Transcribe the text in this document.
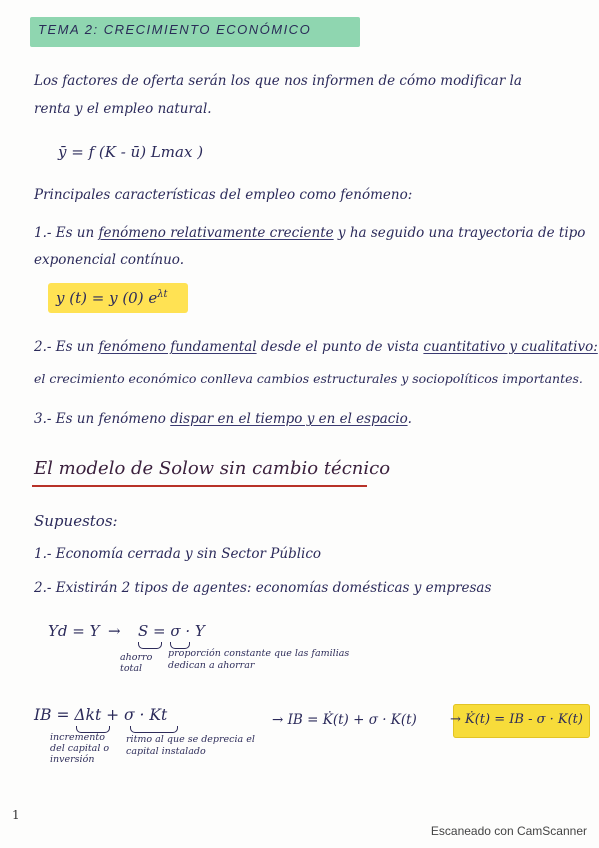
TEMA 2: CRECIMIENTO ECONÓMICO
Los factores de oferta serán los que nos informen de cómo modificar la
renta y el empleo natural.
ȳ = f (K - ū) Lmax )
Principales características del empleo como fenómeno:
1.- Es un fenómeno relativamente creciente y ha seguido una trayectoria de tipo
exponencial contínuo.
y (t) = y (0) $e^{\lambda t}$
2.- Es un fenómeno fundamental desde el punto de vista cuantitativo y cualitativo:
el crecimiento económico conlleva cambios estructurales y sociopolíticos importantes.
3.- Es un fenómeno dispar en el tiempo y en el espacio.
El modelo de Solow sin cambio técnico
Supuestos:
1.- Economía cerrada y sin Sector Público
2.- Existirán 2 tipos de agentes: economías domésticas y empresas
Yd = Y → S = σ · Y
ahorro total
proporción constante que las familias dedican a ahorrar
IB = Δkt + σ · Kt
incremento del capital o inversión
ritmo al que se deprecia el capital instalado
→ IB = K̇(t) + σ · K(t)	→ K̇(t) = IB - σ · K(t)
1
Escaneado con CamScanner
